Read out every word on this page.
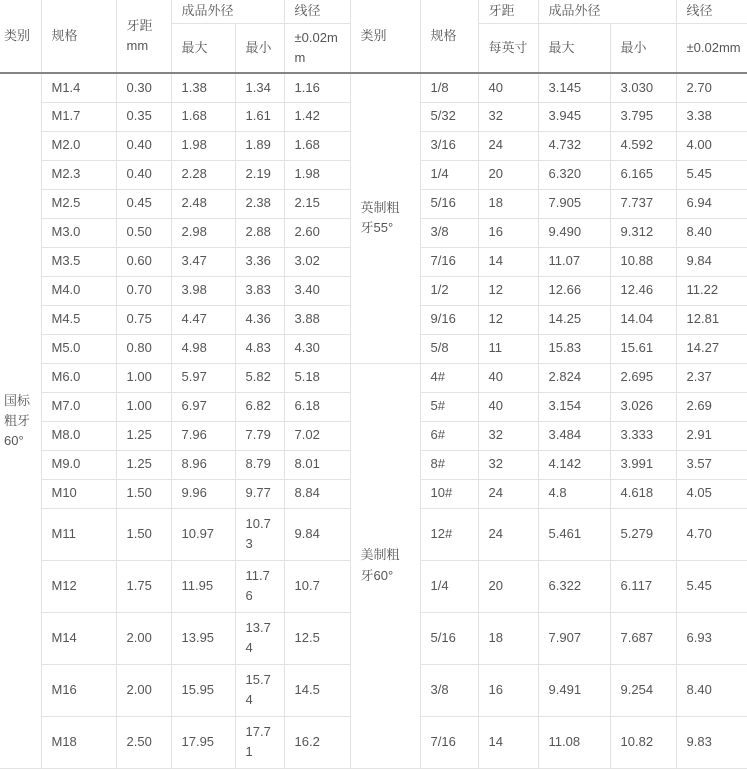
类别	规格	牙距mm	成品外径		线径	类别	规格	牙距	成品外径		线径
			最大	最小	±0.02mm			每英寸	最大	最小	±0.02mm
国标粗牙60°	M1.4	0.30	1.38	1.34	1.16	英制粗牙55°	1/8	40	3.145	3.030	2.70
	M1.7	0.35	1.68	1.61	1.42		5/32	32	3.945	3.795	3.38
	M2.0	0.40	1.98	1.89	1.68		3/16	24	4.732	4.592	4.00
	M2.3	0.40	2.28	2.19	1.98		1/4	20	6.320	6.165	5.45
	M2.5	0.45	2.48	2.38	2.15		5/16	18	7.905	7.737	6.94
	M3.0	0.50	2.98	2.88	2.60		3/8	16	9.490	9.312	8.40
	M3.5	0.60	3.47	3.36	3.02		7/16	14	11.07	10.88	9.84
	M4.0	0.70	3.98	3.83	3.40		1/2	12	12.66	12.46	11.22
	M4.5	0.75	4.47	4.36	3.88		9/16	12	14.25	14.04	12.81
	M5.0	0.80	4.98	4.83	4.30		5/8	11	15.83	15.61	14.27
	M6.0	1.00	5.97	5.82	5.18	美制粗牙60°	4#	40	2.824	2.695	2.37
	M7.0	1.00	6.97	6.82	6.18		5#	40	3.154	3.026	2.69
	M8.0	1.25	7.96	7.79	7.02		6#	32	3.484	3.333	2.91
	M9.0	1.25	8.96	8.79	8.01		8#	32	4.142	3.991	3.57
	M10	1.50	9.96	9.77	8.84		10#	24	4.8	4.618	4.05
	M11	1.50	10.97	10.73	9.84		12#	24	5.461	5.279	4.70
	M12	1.75	11.95	11.76	10.7		1/4	20	6.322	6.117	5.45
	M14	2.00	13.95	13.74	12.5		5/16	18	7.907	7.687	6.93
	M16	2.00	15.95	15.74	14.5		3/8	16	9.491	9.254	8.40
	M18	2.50	17.95	17.71	16.2		7/16	14	11.08	10.82	9.83
